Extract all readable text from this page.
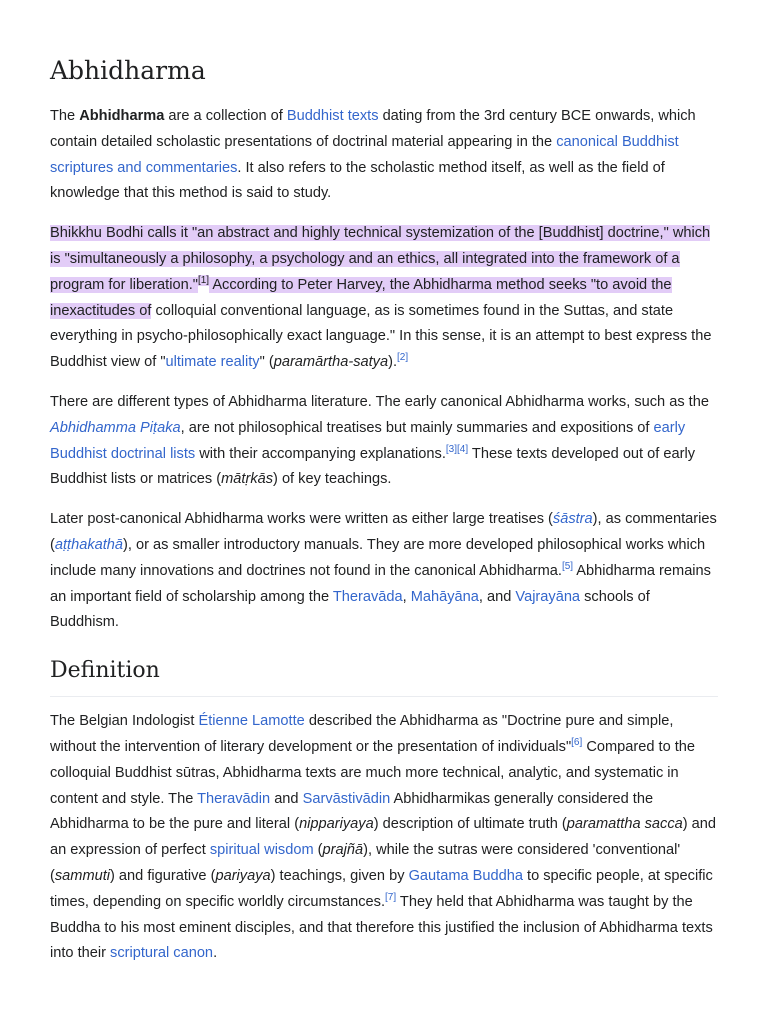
Abhidharma

The Abhidharma are a collection of Buddhist texts dating from the 3rd century BCE onwards, which contain detailed scholastic presentations of doctrinal material appearing in the canonical Buddhist scriptures and commentaries. It also refers to the scholastic method itself, as well as the field of knowledge that this method is said to study.

Bhikkhu Bodhi calls it "an abstract and highly technical systemization of the [Buddhist] doctrine," which is "simultaneously a philosophy, a psychology and an ethics, all integrated into the framework of a program for liberation."[1] According to Peter Harvey, the Abhidharma method seeks "to avoid the inexactitudes of colloquial conventional language, as is sometimes found in the Suttas, and state everything in psycho-philosophically exact language." In this sense, it is an attempt to best express the Buddhist view of "ultimate reality" (paramārtha-satya).[2]

There are different types of Abhidharma literature. The early canonical Abhidharma works, such as the Abhidhamma Piṭaka, are not philosophical treatises but mainly summaries and expositions of early Buddhist doctrinal lists with their accompanying explanations.[3][4] These texts developed out of early Buddhist lists or matrices (mātṛkās) of key teachings.

Later post-canonical Abhidharma works were written as either large treatises (śāstra), as commentaries (aṭṭhakathā), or as smaller introductory manuals. They are more developed philosophical works which include many innovations and doctrines not found in the canonical Abhidharma.[5] Abhidharma remains an important field of scholarship among the Theravāda, Mahāyāna, and Vajrayāna schools of Buddhism.

Definition

The Belgian Indologist Étienne Lamotte described the Abhidharma as "Doctrine pure and simple, without the intervention of literary development or the presentation of individuals"[6] Compared to the colloquial Buddhist sūtras, Abhidharma texts are much more technical, analytic, and systematic in content and style. The Theravādin and Sarvāstivādin Abhidharmikas generally considered the Abhidharma to be the pure and literal (nippariyaya) description of ultimate truth (paramattha sacca) and an expression of perfect spiritual wisdom (prajñā), while the sutras were considered 'conventional' (sammuti) and figurative (pariyaya) teachings, given by Gautama Buddha to specific people, at specific times, depending on specific worldly circumstances.[7] They held that Abhidharma was taught by the Buddha to his most eminent disciples, and that therefore this justified the inclusion of Abhidharma texts into their scriptural canon.
